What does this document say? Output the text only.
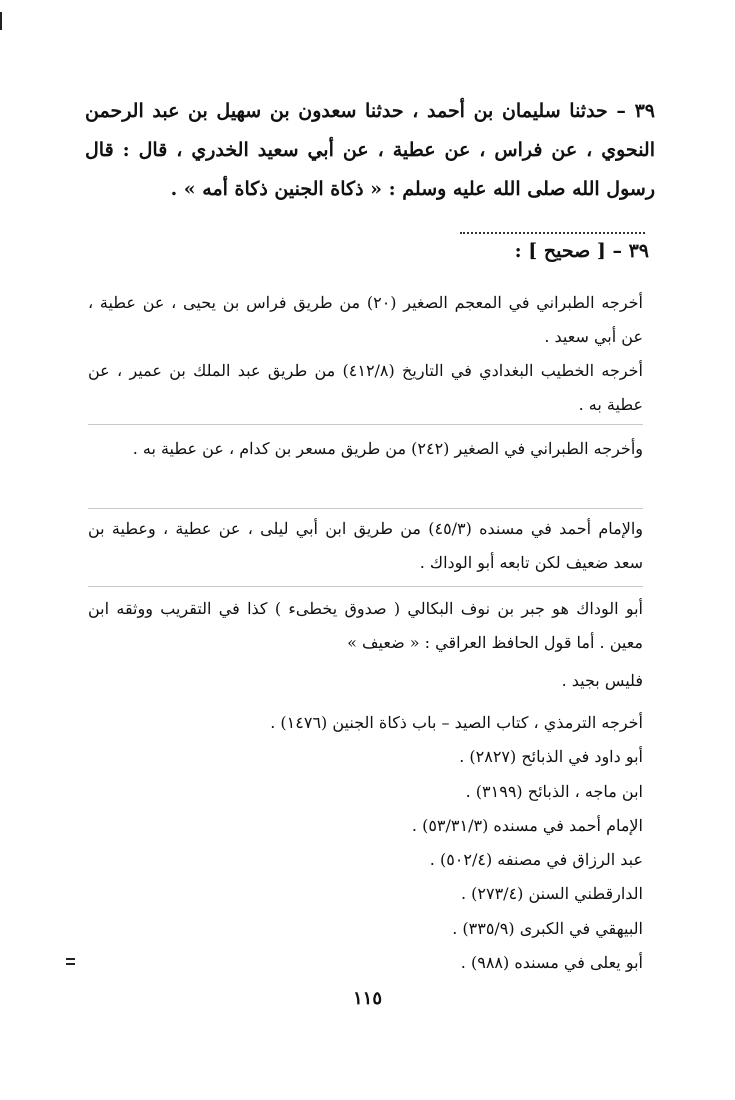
٣٩ – حدثنا سليمان بن أحمد ، حدثنا سعدون بن سهيل بن عبد الرحمن النحوي ، عن فراس ، عن عطية ، عن أبي سعيد الخدري ، قال : قال رسول الله صلى الله عليه وسلم : « ذكاة الجنين ذكاة أمه » .
٣٩ – [ صحيح ] :
أخرجه الطبراني في المعجم الصغير (٢٠) من طريق فراس بن يحيى ، عن عطية ، عن أبي سعيد .
أخرجه الخطيب البغدادي في التاريخ (٤١٢/٨) من طريق عبد الملك بن عمير ، عن عطية به .
وأخرجه الطبراني في الصغير (٢٤٢) من طريق مسعر بن كدام ، عن عطية به .
والإمام أحمد في مسنده (٤٥/٣) من طريق ابن أبي ليلى ، عن عطية ، وعطية بن سعد ضعيف لكن تابعه أبو الوداك .
أبو الوداك هو جبر بن نوف البكالي ( صدوق يخطىء ) كذا في التقريب ووثقه ابن معين . أما قول الحافظ العراقي : « ضعيف »
فليس بجيد .
أخرجه الترمذي ، كتاب الصيد – باب ذكاة الجنين (١٤٧٦) .
أبو داود في الذبائح (٢٨٢٧) .
ابن ماجه ، الذبائح (٣١٩٩) .
الإمام أحمد في مسنده (٥٣/٣١/٣) .
عبد الرزاق في مصنفه (٥٠٢/٤) .
الدارقطني السنن (٢٧٣/٤) .
البيهقي في الكبرى (٣٣٥/٩) .
أبو يعلى في مسنده (٩٨٨) .
١١٥
